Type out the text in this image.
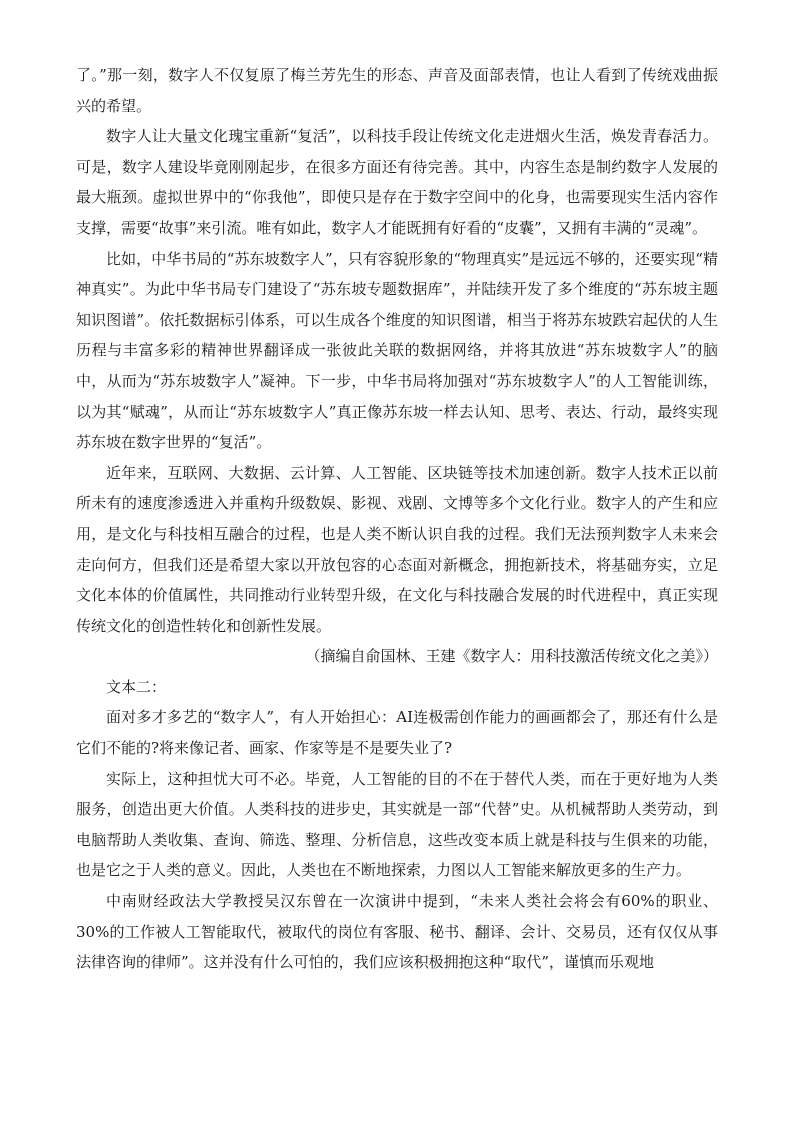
了。”那一刻，数字人不仅复原了梅兰芳先生的形态、声音及面部表情，也让人看到了传统戏曲振兴的希望。

数字人让大量文化瑰宝重新“复活”，以科技手段让传统文化走进烟火生活，焕发青春活力。可是，数字人建设毕竟刚刚起步，在很多方面还有待完善。其中，内容生态是制约数字人发展的最大瓶颈。虚拟世界中的“你我他”，即使只是存在于数字空间中的化身，也需要现实生活内容作支撑，需要“故事”来引流。唯有如此，数字人才能既拥有好看的“皮囊”，又拥有丰满的“灵魂”。

比如，中华书局的“苏东坡数字人”，只有容貌形象的“物理真实”是远远不够的，还要实现“精神真实”。为此中华书局专门建设了“苏东坡专题数据库”，并陆续开发了多个维度的“苏东坡主题知识图谱”。依托数据标引体系，可以生成各个维度的知识图谱，相当于将苏东坡跌宕起伏的人生历程与丰富多彩的精神世界翻译成一张彼此关联的数据网络，并将其放进“苏东坡数字人”的脑中，从而为“苏东坡数字人”凝神。下一步，中华书局将加强对“苏东坡数字人”的人工智能训练，以为其“赋魂”，从而让“苏东坡数字人”真正像苏东坡一样去认知、思考、表达、行动，最终实现苏东坡在数字世界的“复活”。

近年来，互联网、大数据、云计算、人工智能、区块链等技术加速创新。数字人技术正以前所未有的速度渗透进入并重构升级数娱、影视、戏剧、文博等多个文化行业。数字人的产生和应用，是文化与科技相互融合的过程，也是人类不断认识自我的过程。我们无法预判数字人未来会走向何方，但我们还是希望大家以开放包容的心态面对新概念，拥抱新技术，将基础夯实，立足文化本体的价值属性，共同推动行业转型升级，在文化与科技融合发展的时代进程中，真正实现传统文化的创造性转化和创新性发展。

（摘编自俞国林、王建《数字人：用科技激活传统文化之美》）

文本二：

面对多才多艺的“数字人”，有人开始担心：AI连极需创作能力的画画都会了，那还有什么是它们不能的?将来像记者、画家、作家等是不是要失业了?

实际上，这种担忧大可不必。毕竟，人工智能的目的不在于替代人类，而在于更好地为人类服务，创造出更大价值。人类科技的进步史，其实就是一部“代替”史。从机械帮助人类劳动，到电脑帮助人类收集、查询、筛选、整理、分析信息，这些改变本质上就是科技与生俱来的功能，也是它之于人类的意义。因此，人类也在不断地探索，力图以人工智能来解放更多的生产力。

中南财经政法大学教授吴汉东曾在一次演讲中提到，“未来人类社会将会有60%的职业、30%的工作被人工智能取代，被取代的岗位有客服、秘书、翻译、会计、交易员，还有仅仅从事法律咨询的律师”。这并没有什么可怕的，我们应该积极拥抱这种“取代”，谨慎而乐观地
